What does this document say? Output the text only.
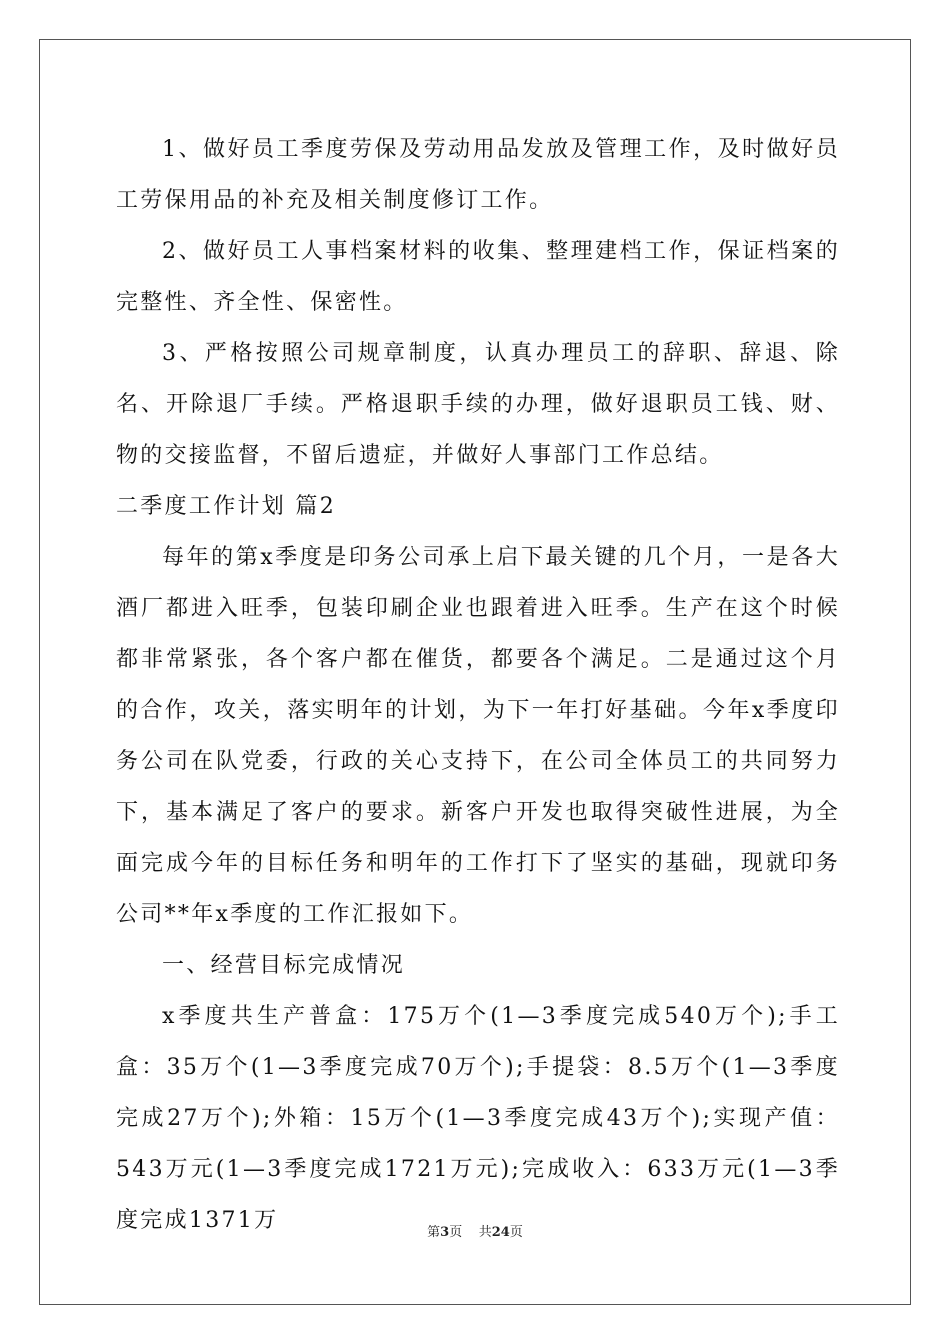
1、做好员工季度劳保及劳动用品发放及管理工作，及时做好员工劳保用品的补充及相关制度修订工作。

2、做好员工人事档案材料的收集、整理建档工作，保证档案的完整性、齐全性、保密性。

3、严格按照公司规章制度，认真办理员工的辞职、辞退、除名、开除退厂手续。严格退职手续的办理，做好退职员工钱、财、物的交接监督，不留后遗症，并做好人事部门工作总结。

二季度工作计划 篇2

每年的第x季度是印务公司承上启下最关键的几个月，一是各大酒厂都进入旺季，包装印刷企业也跟着进入旺季。生产在这个时候都非常紧张，各个客户都在催货，都要各个满足。二是通过这个月的合作，攻关，落实明年的计划，为下一年打好基础。今年x季度印务公司在队党委，行政的关心支持下，在公司全体员工的共同努力下，基本满足了客户的要求。新客户开发也取得突破性进展，为全面完成今年的目标任务和明年的工作打下了坚实的基础，现就印务公司**年x季度的工作汇报如下。

一、经营目标完成情况

x季度共生产普盒：175万个(1—3季度完成540万个);手工盒：35万个(1—3季度完成70万个);手提袋：8.5万个(1—3季度完成27万个);外箱：15万个(1—3季度完成43万个);实现产值：543万元(1—3季度完成1721万元);完成收入：633万元(1—3季度完成1371万	第3页 共24页
